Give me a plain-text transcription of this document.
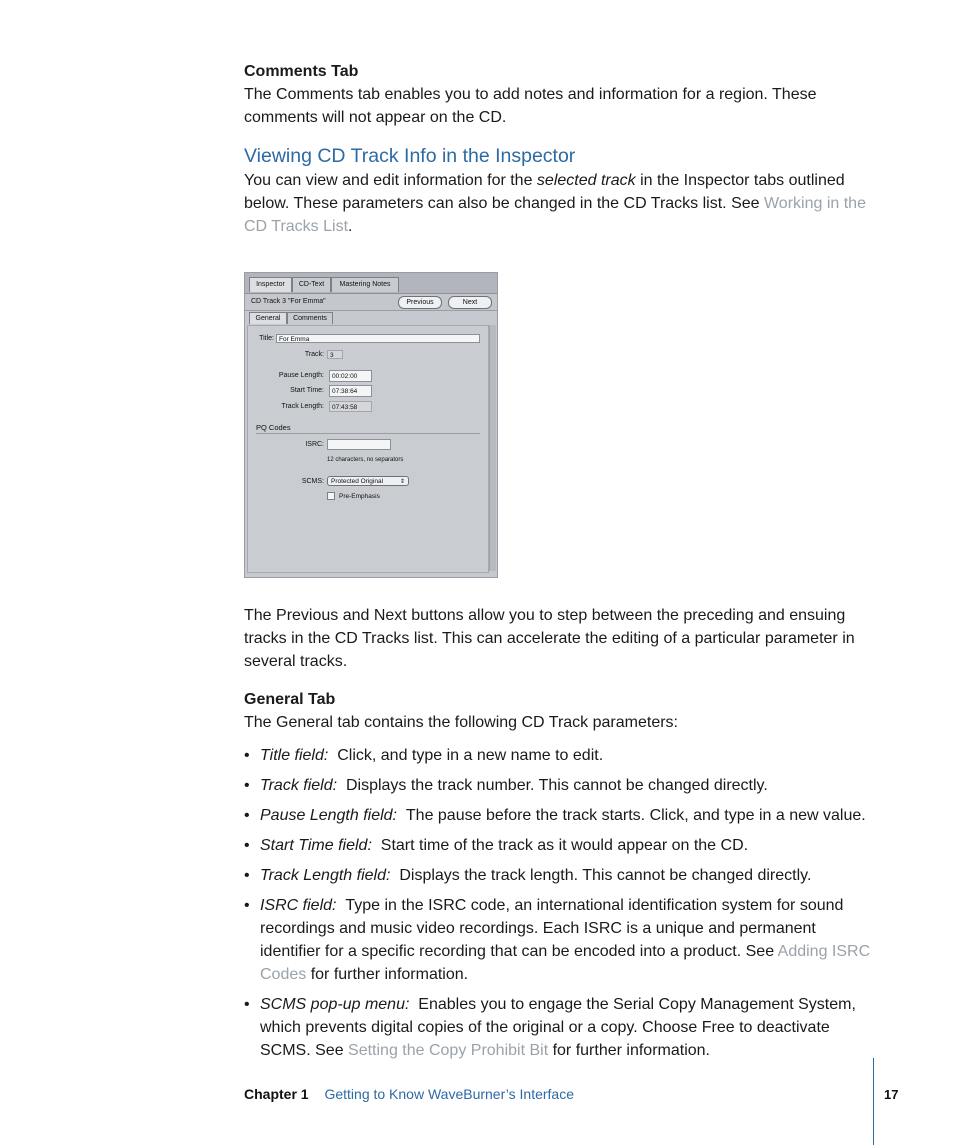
Comments Tab

The Comments tab enables you to add notes and information for a region. These comments will not appear on the CD.

Viewing CD Track Info in the Inspector

You can view and edit information for the selected track in the Inspector tabs outlined below. These parameters can also be changed in the CD Tracks list. See Working in the CD Tracks List.

Inspector	CD-Text	Mastering Notes
CD Track 3 "For Emma"	Previous	Next
General	Comments
Title: For Emma
Track: 3
Pause Length:	00:02:00
Start Time:	07:38:64
Track Length:	07:43:58
PQ Codes
ISRC:
12 characters, no separators
SCMS:	Protected Original	⇕
Pre-Emphasis

The Previous and Next buttons allow you to step between the preceding and ensuing tracks in the CD Tracks list. This can accelerate the editing of a particular parameter in several tracks.

General Tab

The General tab contains the following CD Track parameters:

• Title field: Click, and type in a new name to edit.
• Track field: Displays the track number. This cannot be changed directly.
• Pause Length field: The pause before the track starts. Click, and type in a new value.
• Start Time field: Start time of the track as it would appear on the CD.
• Track Length field: Displays the track length. This cannot be changed directly.
• ISRC field: Type in the ISRC code, an international identification system for sound recordings and music video recordings. Each ISRC is a unique and permanent identifier for a specific recording that can be encoded into a product. See Adding ISRC Codes for further information.
• SCMS pop-up menu: Enables you to engage the Serial Copy Management System, which prevents digital copies of the original or a copy. Choose Free to deactivate SCMS. See Setting the Copy Prohibit Bit for further information.
Chapter 1 Getting to Know WaveBurner’s Interface	17
